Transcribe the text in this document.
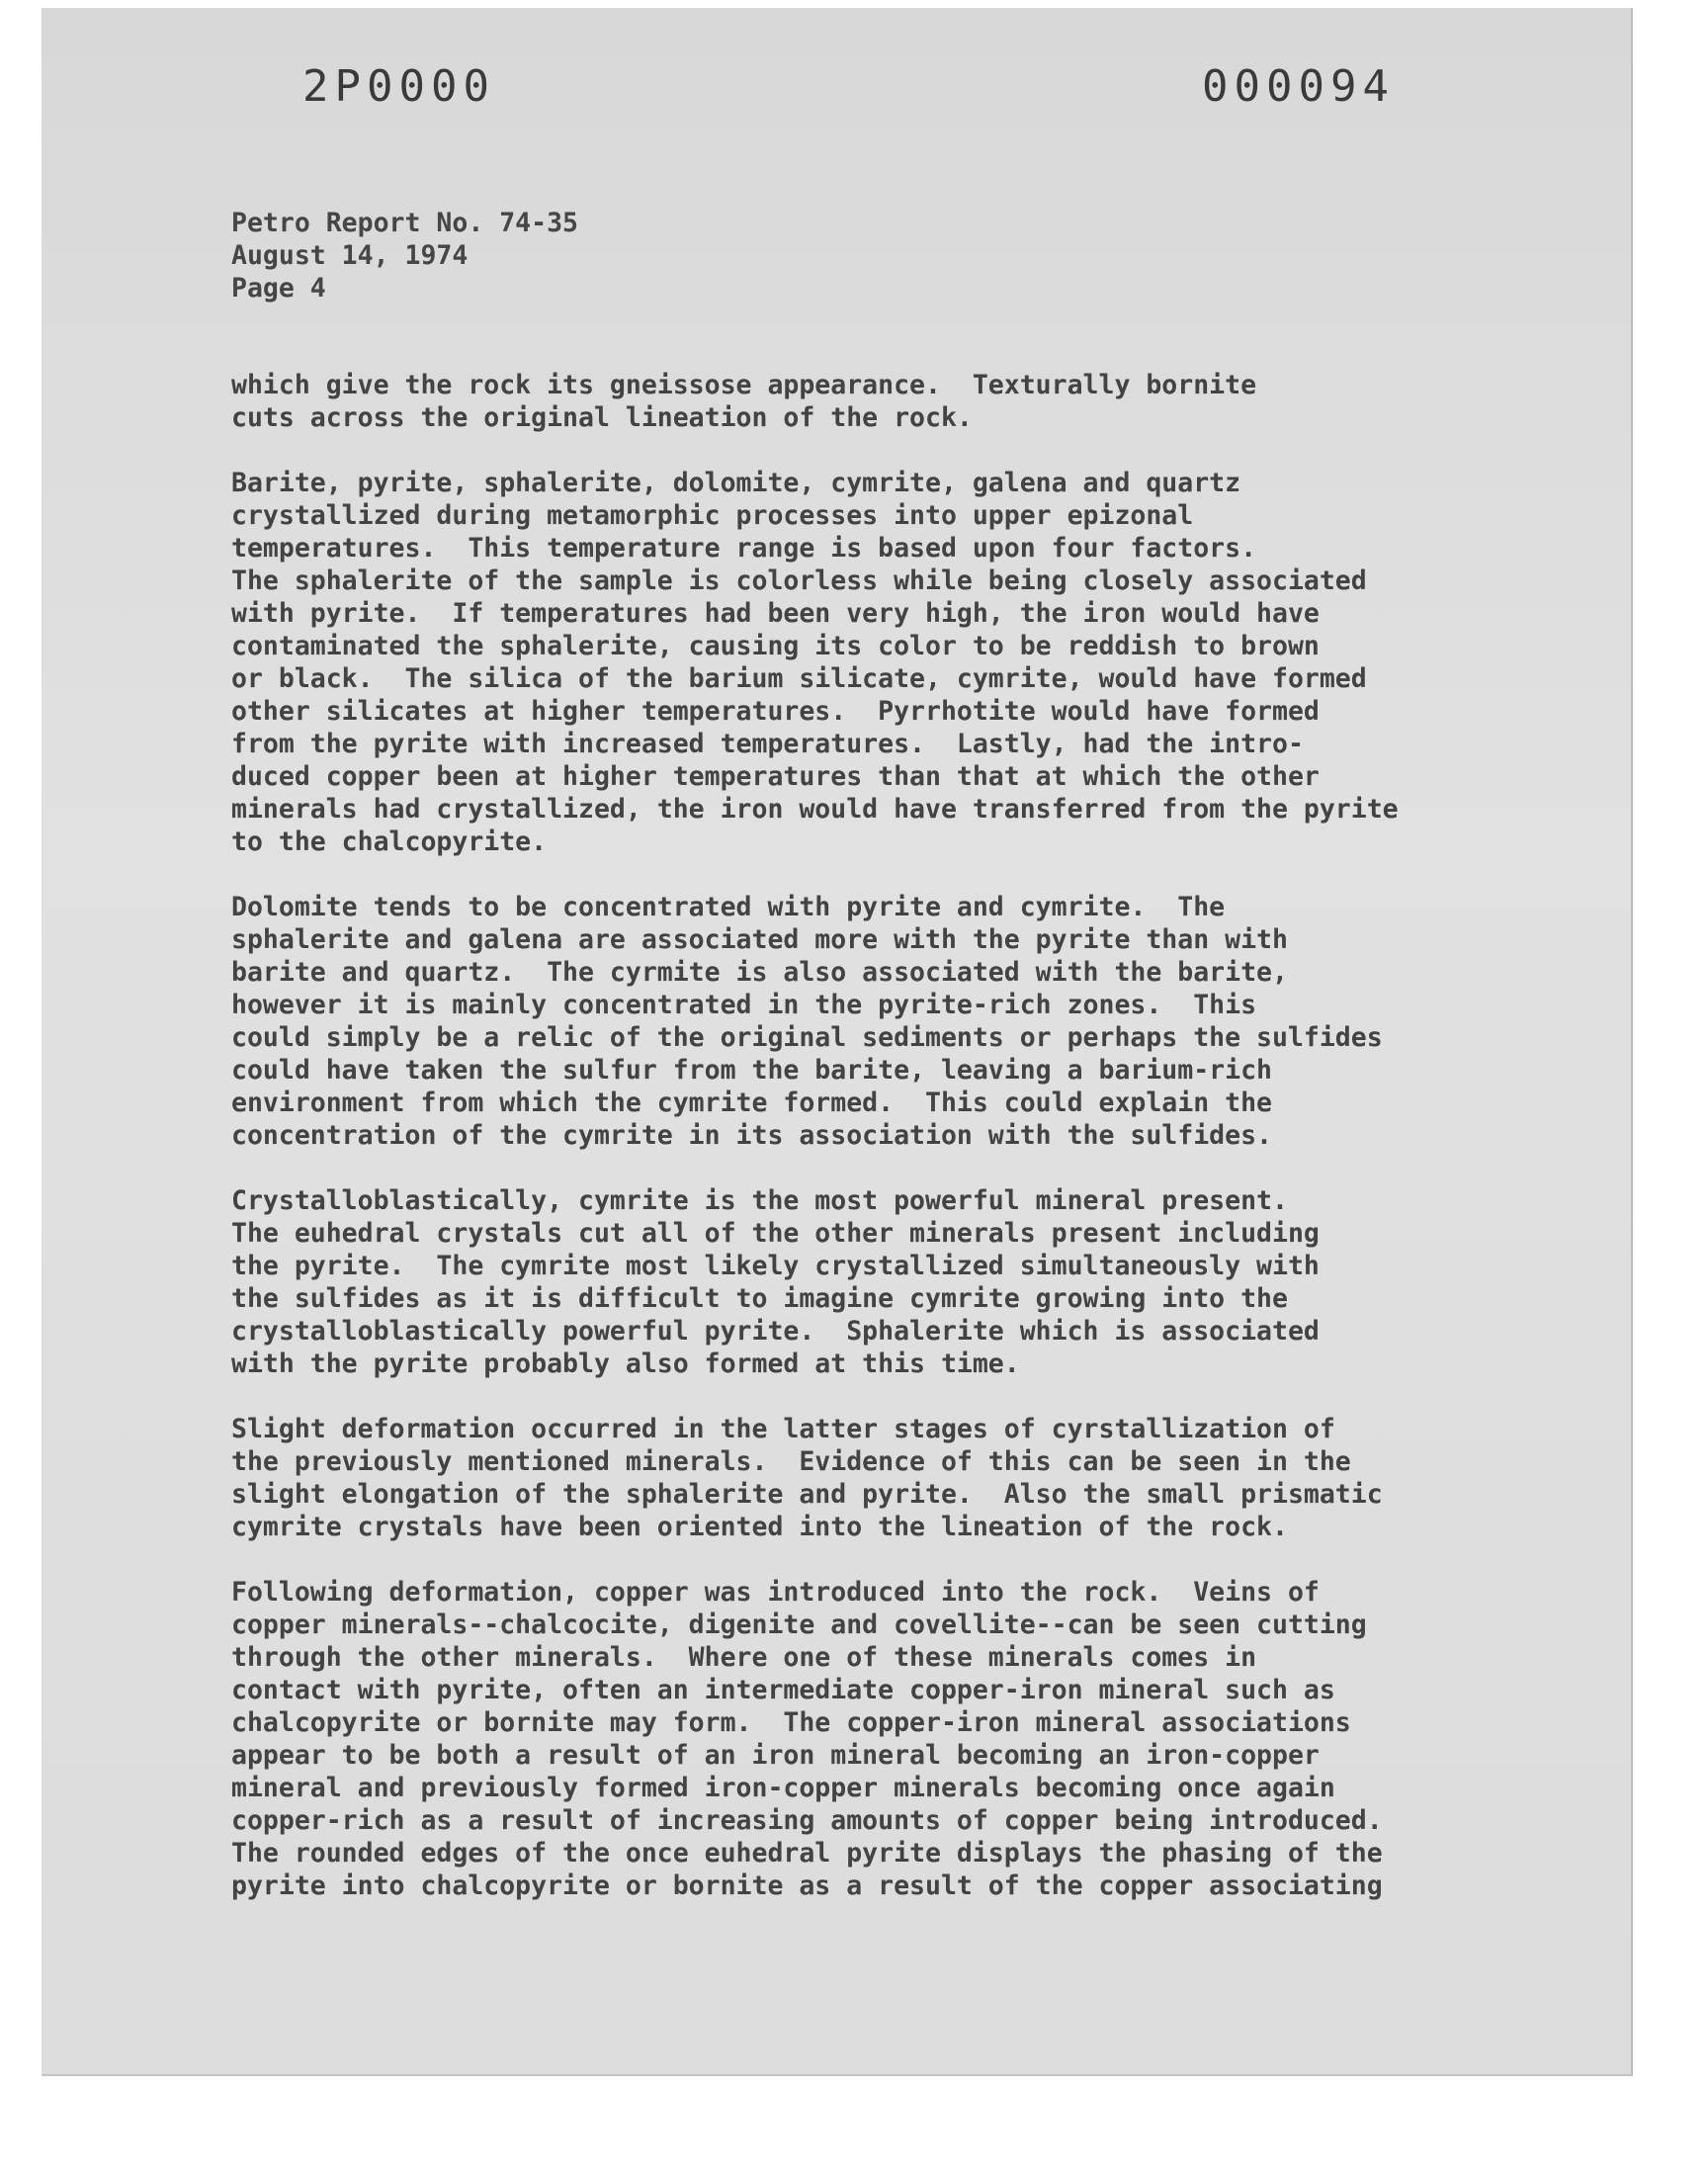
2P0000	000094
Petro Report No. 74-35
August 14, 1974
Page 4
which give the rock its gneissose appearance.  Texturally bornite
cuts across the original lineation of the rock.
Barite, pyrite, sphalerite, dolomite, cymrite, galena and quartz
crystallized during metamorphic processes into upper epizonal
temperatures.  This temperature range is based upon four factors.
The sphalerite of the sample is colorless while being closely associated
with pyrite.  If temperatures had been very high, the iron would have
contaminated the sphalerite, causing its color to be reddish to brown
or black.  The silica of the barium silicate, cymrite, would have formed
other silicates at higher temperatures.  Pyrrhotite would have formed
from the pyrite with increased temperatures.  Lastly, had the intro-
duced copper been at higher temperatures than that at which the other
minerals had crystallized, the iron would have transferred from the pyrite
to the chalcopyrite.
Dolomite tends to be concentrated with pyrite and cymrite.  The
sphalerite and galena are associated more with the pyrite than with
barite and quartz.  The cyrmite is also associated with the barite,
however it is mainly concentrated in the pyrite-rich zones.  This
could simply be a relic of the original sediments or perhaps the sulfides
could have taken the sulfur from the barite, leaving a barium-rich
environment from which the cymrite formed.  This could explain the
concentration of the cymrite in its association with the sulfides.
Crystalloblastically, cymrite is the most powerful mineral present.
The euhedral crystals cut all of the other minerals present including
the pyrite.  The cymrite most likely crystallized simultaneously with
the sulfides as it is difficult to imagine cymrite growing into the
crystalloblastically powerful pyrite.  Sphalerite which is associated
with the pyrite probably also formed at this time.
Slight deformation occurred in the latter stages of cyrstallization of
the previously mentioned minerals.  Evidence of this can be seen in the
slight elongation of the sphalerite and pyrite.  Also the small prismatic
cymrite crystals have been oriented into the lineation of the rock.
Following deformation, copper was introduced into the rock.  Veins of
copper minerals--chalcocite, digenite and covellite--can be seen cutting
through the other minerals.  Where one of these minerals comes in
contact with pyrite, often an intermediate copper-iron mineral such as
chalcopyrite or bornite may form.  The copper-iron mineral associations
appear to be both a result of an iron mineral becoming an iron-copper
mineral and previously formed iron-copper minerals becoming once again
copper-rich as a result of increasing amounts of copper being introduced.
The rounded edges of the once euhedral pyrite displays the phasing of the
pyrite into chalcopyrite or bornite as a result of the copper associating
